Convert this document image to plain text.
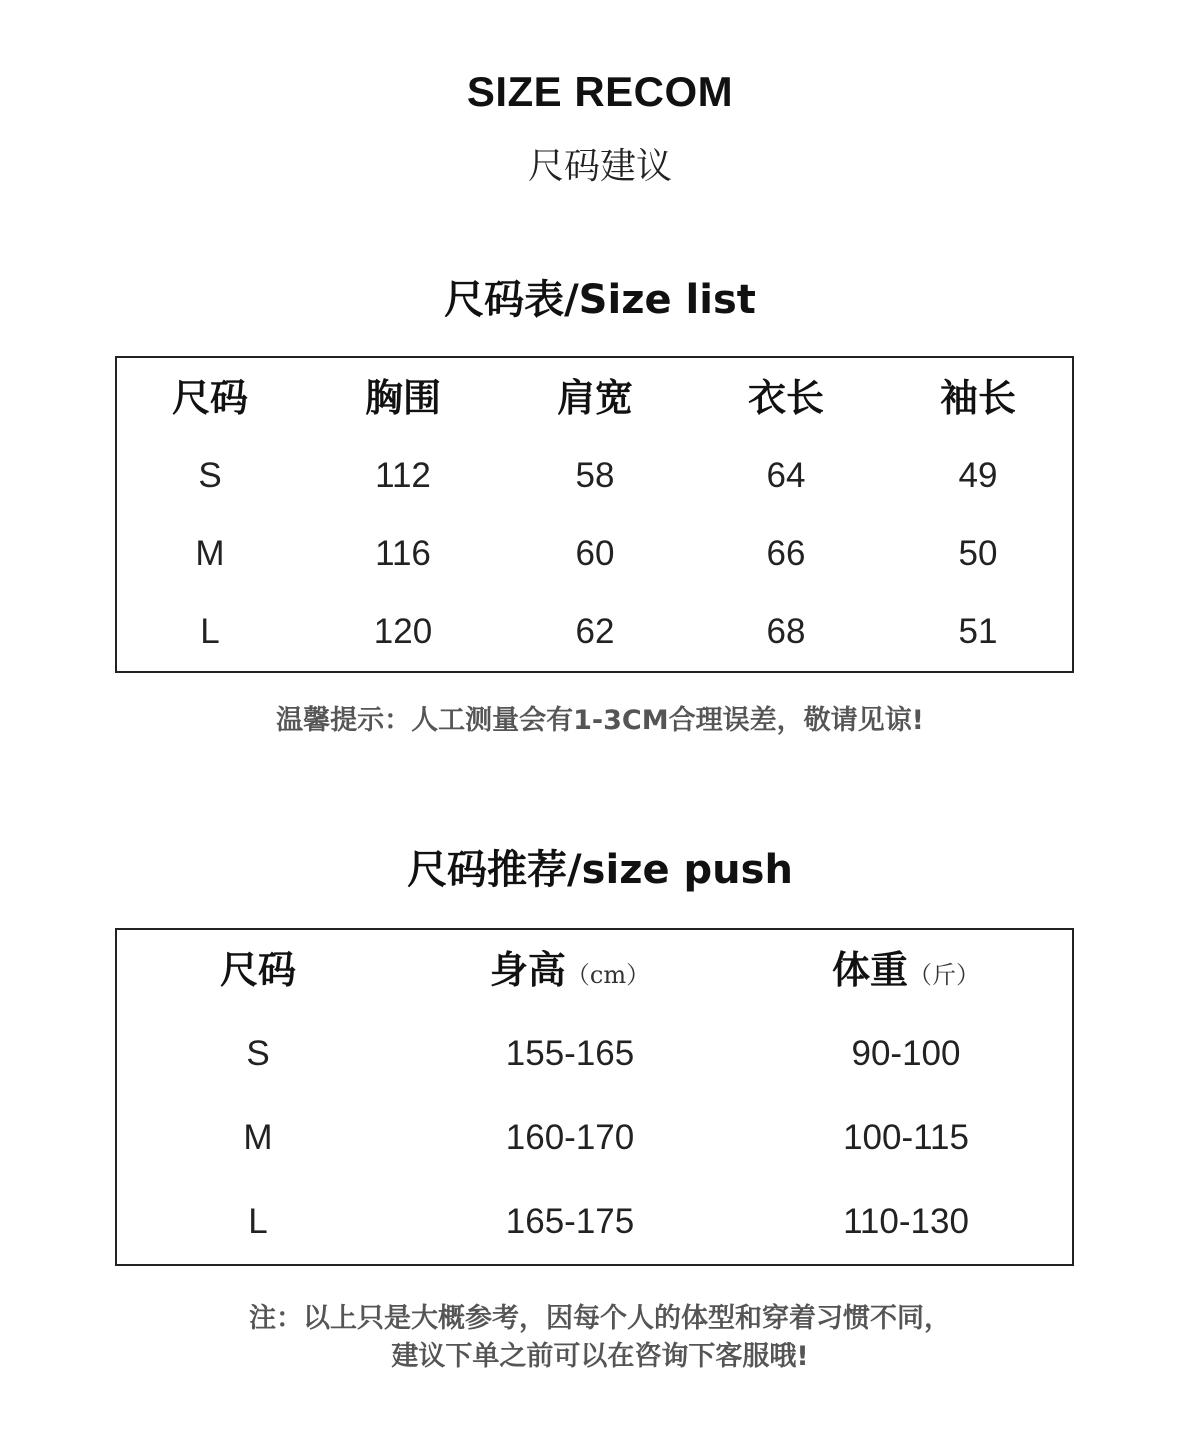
SIZE RECOM
尺码建议
尺码表/Size list
尺码	胸围	肩宽	衣长	袖长
S	112	58	64	49
M	116	60	66	50
L	120	62	68	51
温馨提示：人工测量会有1-3CM合理误差，敬请见谅!
尺码推荐/size push
尺码	身高（cm）	体重（斤）
S	155-165	90-100
M	160-170	100-115
L	165-175	110-130
注：以上只是大概参考，因每个人的体型和穿着习惯不同，
建议下单之前可以在咨询下客服哦!
